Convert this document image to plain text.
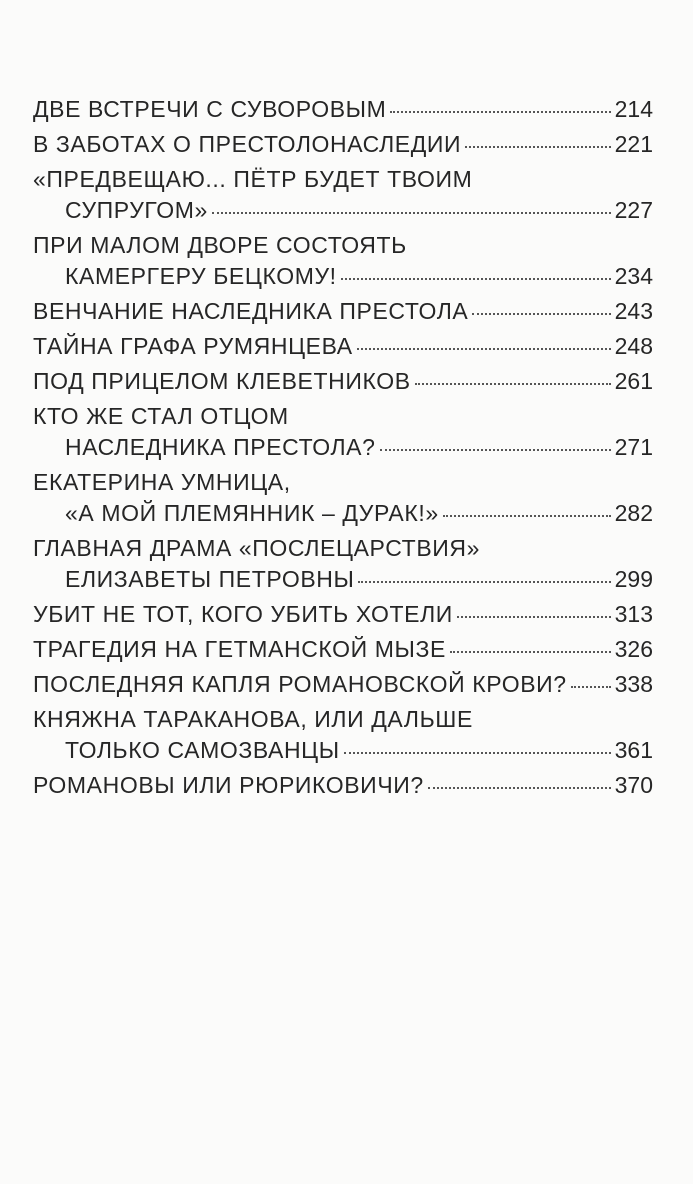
ДВЕ ВСТРЕЧИ С СУВОРОВЫМ	214
В ЗАБОТАХ О ПРЕСТОЛОНАСЛЕДИИ	221
«ПРЕДВЕЩАЮ... ПЁТР БУДЕТ ТВОИМ
СУПРУГОМ»	227
ПРИ МАЛОМ ДВОРЕ СОСТОЯТЬ
КАМЕРГЕРУ БЕЦКОМУ!	234
ВЕНЧАНИЕ НАСЛЕДНИКА ПРЕСТОЛА	243
ТАЙНА ГРАФА РУМЯНЦЕВА	248
ПОД ПРИЦЕЛОМ КЛЕВЕТНИКОВ	261
КТО ЖЕ СТАЛ ОТЦОМ
НАСЛЕДНИКА ПРЕСТОЛА?	271
ЕКАТЕРИНА УМНИЦА,
«А МОЙ ПЛЕМЯННИК – ДУРАК!»	282
ГЛАВНАЯ ДРАМА «ПОСЛЕЦАРСТВИЯ»
ЕЛИЗАВЕТЫ ПЕТРОВНЫ	299
УБИТ НЕ ТОТ, КОГО УБИТЬ ХОТЕЛИ	313
ТРАГЕДИЯ НА ГЕТМАНСКОЙ МЫЗЕ	326
ПОСЛЕДНЯЯ КАПЛЯ РОМАНОВСКОЙ КРОВИ? 338
КНЯЖНА ТАРАКАНОВА, ИЛИ ДАЛЬШЕ
ТОЛЬКО САМОЗВАНЦЫ	361
РОМАНОВЫ ИЛИ РЮРИКОВИЧИ?	370
